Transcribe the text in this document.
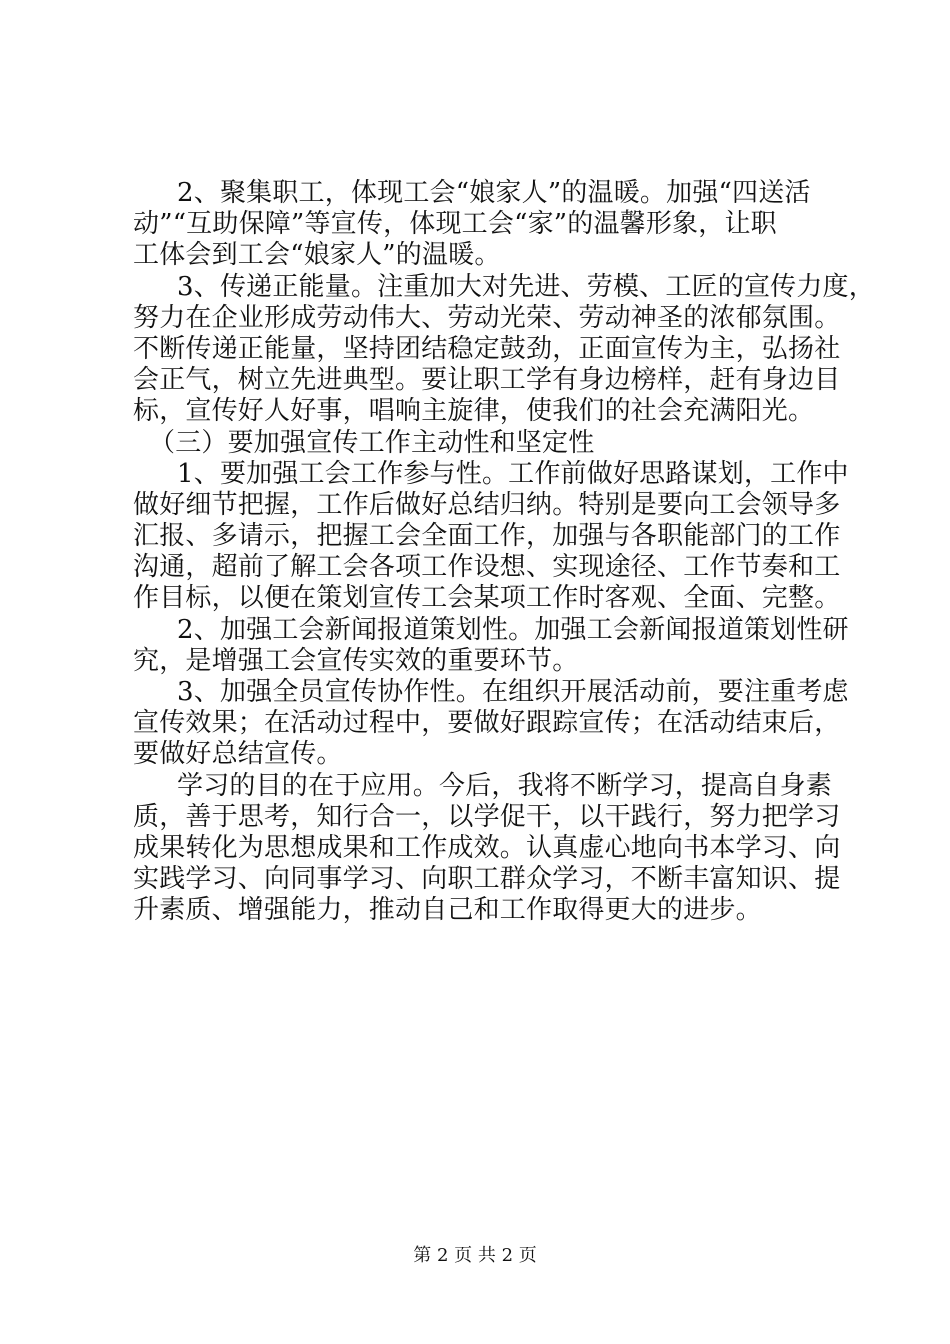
2、聚集职工，体现工会“娘家人”的温暖。加强“四送活
动”“互助保障”等宣传，体现工会“家”的温馨形象，让职
工体会到工会“娘家人”的温暖。

3、传递正能量。注重加大对先进、劳模、工匠的宣传力度，
努力在企业形成劳动伟大、劳动光荣、劳动神圣的浓郁氛围。
不断传递正能量，坚持团结稳定鼓劲，正面宣传为主，弘扬社
会正气，树立先进典型。要让职工学有身边榜样，赶有身边目
标，宣传好人好事，唱响主旋律，使我们的社会充满阳光。

（三）要加强宣传工作主动性和坚定性

1、要加强工会工作参与性。工作前做好思路谋划，工作中
做好细节把握，工作后做好总结归纳。特别是要向工会领导多
汇报、多请示，把握工会全面工作，加强与各职能部门的工作
沟通，超前了解工会各项工作设想、实现途径、工作节奏和工
作目标，以便在策划宣传工会某项工作时客观、全面、完整。

2、加强工会新闻报道策划性。加强工会新闻报道策划性研
究，是增强工会宣传实效的重要环节。

3、加强全员宣传协作性。在组织开展活动前，要注重考虑
宣传效果；在活动过程中，要做好跟踪宣传；在活动结束后，
要做好总结宣传。

学习的目的在于应用。今后，我将不断学习，提高自身素
质，善于思考，知行合一，以学促干，以干践行，努力把学习
成果转化为思想成果和工作成效。认真虚心地向书本学习、向
实践学习、向同事学习、向职工群众学习，不断丰富知识、提
升素质、增强能力，推动自己和工作取得更大的进步。

第 2 页 共 2 页
